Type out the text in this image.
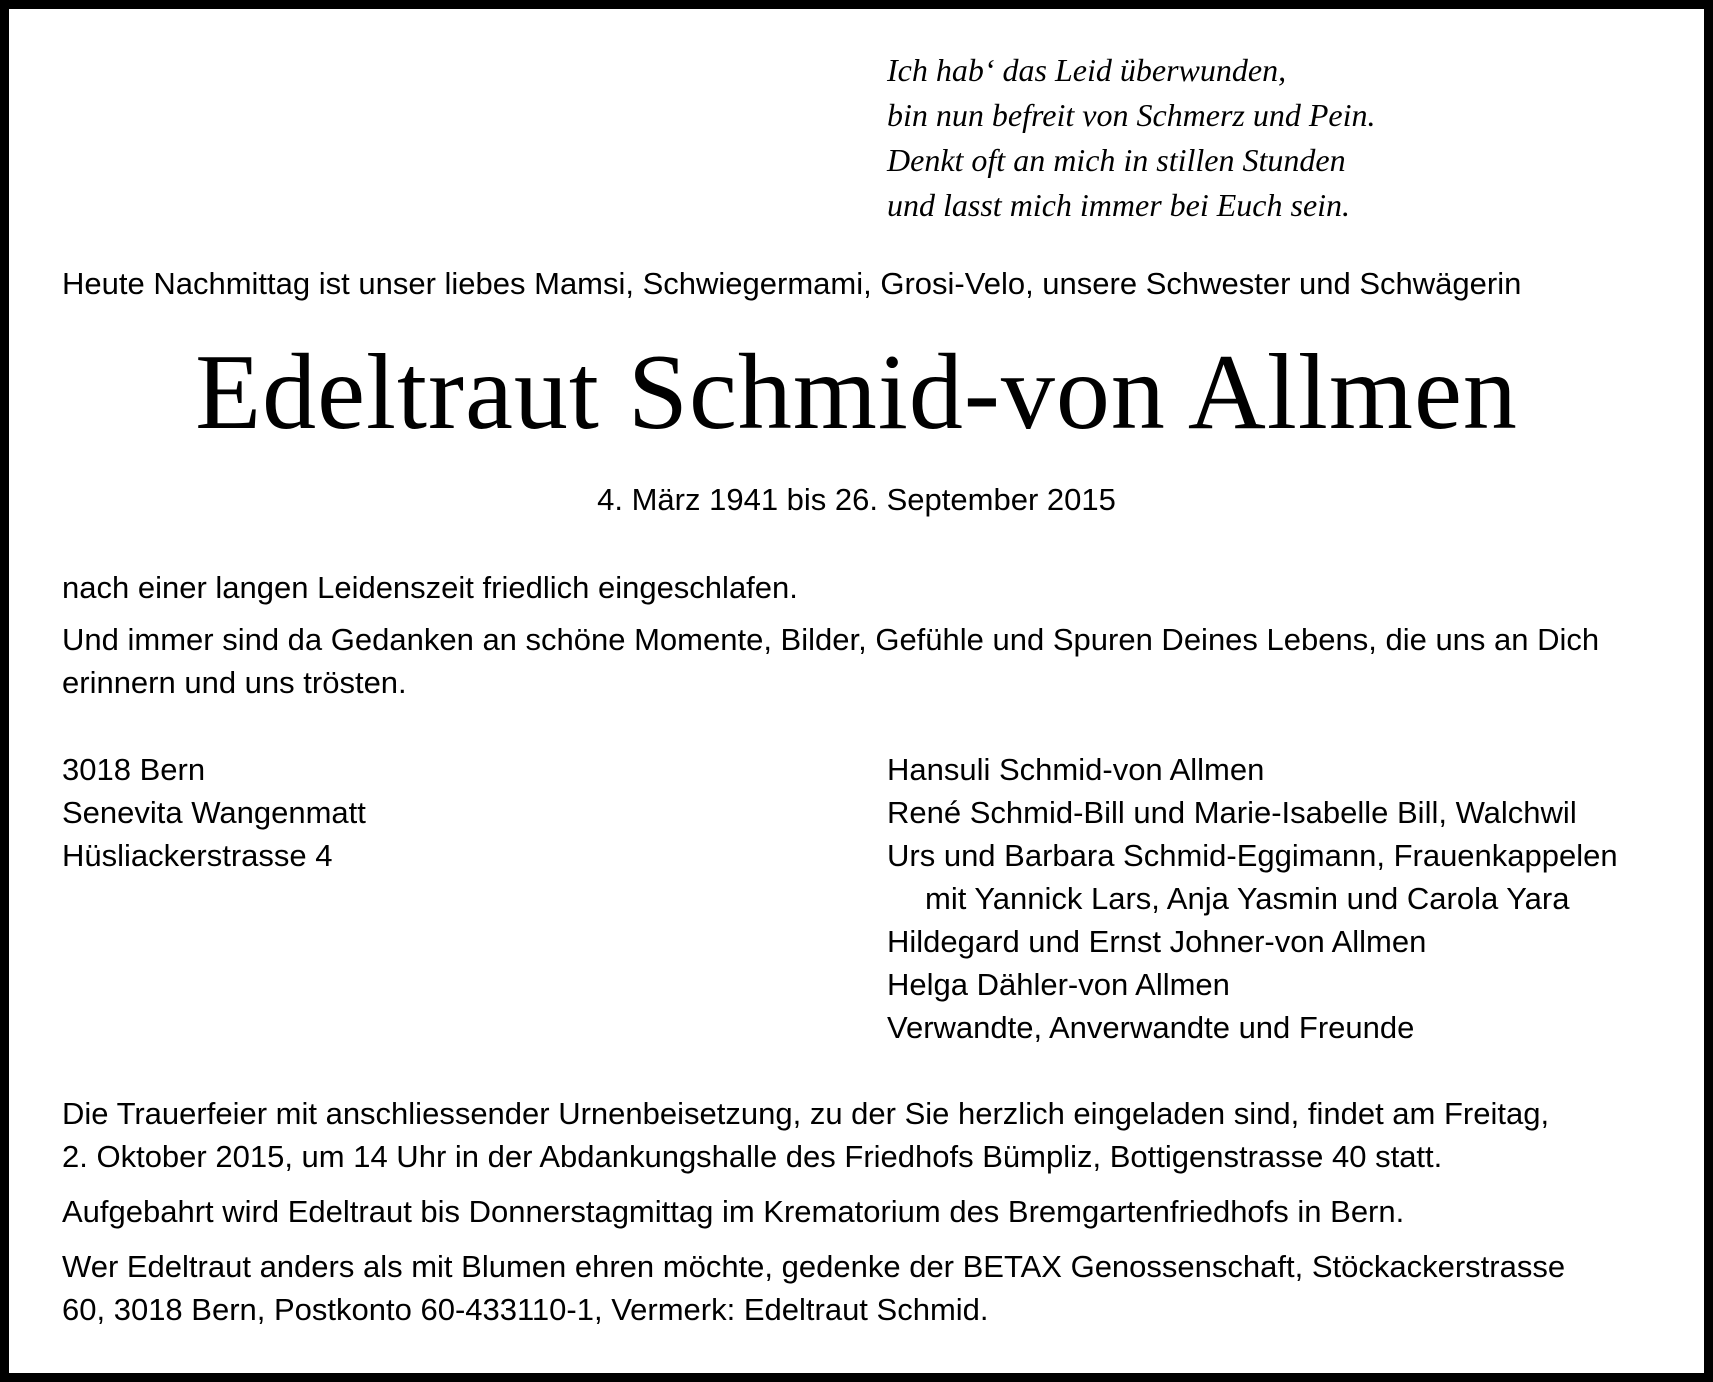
Ich hab‘ das Leid überwunden,
bin nun befreit von Schmerz und Pein.
Denkt oft an mich in stillen Stunden
und lasst mich immer bei Euch sein.

Heute Nachmittag ist unser liebes Mamsi, Schwiegermami, Grosi-Velo, unsere Schwester und Schwägerin

Edeltraut Schmid-von Allmen
4. März 1941 bis 26. September 2015

nach einer langen Leidenszeit friedlich eingeschlafen.

Und immer sind da Gedanken an schöne Momente, Bilder, Gefühle und Spuren Deines Lebens, die uns an Dich
erinnern und uns trösten.
3018 Bern
Senevita Wangenmatt
Hüsliackerstrasse 4
Hansuli Schmid-von Allmen
René Schmid-Bill und Marie-Isabelle Bill, Walchwil
Urs und Barbara Schmid-Eggimann, Frauenkappelen
mit Yannick Lars, Anja Yasmin und Carola Yara
Hildegard und Ernst Johner-von Allmen
Helga Dähler-von Allmen
Verwandte, Anverwandte und Freunde
Die Trauerfeier mit anschliessender Urnenbeisetzung, zu der Sie herzlich eingeladen sind, findet am Freitag,
2. Oktober 2015, um 14 Uhr in der Abdankungshalle des Friedhofs Bümpliz, Bottigenstrasse 40 statt.

Aufgebahrt wird Edeltraut bis Donnerstagmittag im Krematorium des Bremgartenfriedhofs in Bern.

Wer Edeltraut anders als mit Blumen ehren möchte, gedenke der BETAX Genossenschaft, Stöckackerstrasse
60, 3018 Bern, Postkonto 60-433110-1, Vermerk: Edeltraut Schmid.
